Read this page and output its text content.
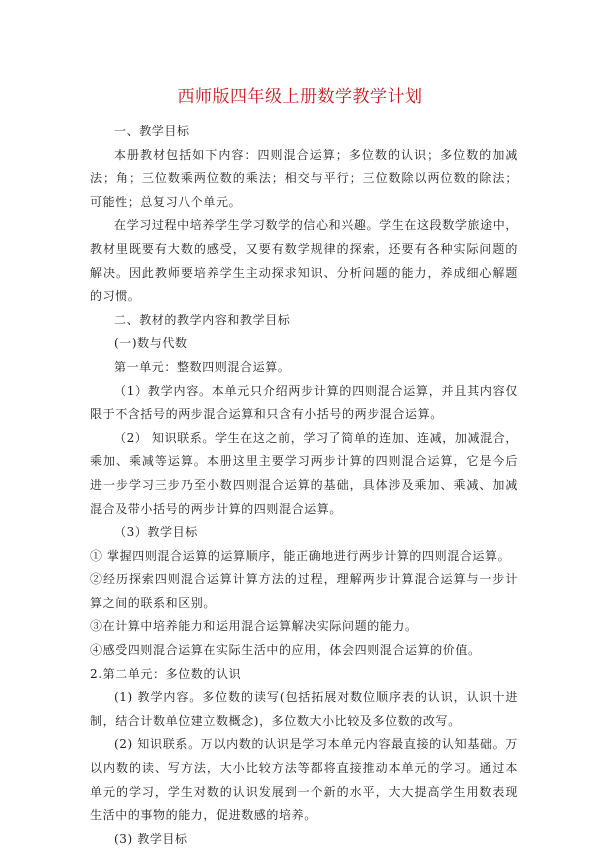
西师版四年级上册数学教学计划

一、教学目标

本册教材包括如下内容：四则混合运算；多位数的认识；多位数的加减法；角；三位数乘两位数的乘法；相交与平行；三位数除以两位数的除法；可能性；总复习八个单元。

在学习过程中培养学生学习数学的信心和兴趣。学生在这段数学旅途中，教材里既要有大数的感受，又要有数学规律的探索，还要有各种实际问题的解决。因此教师要培养学生主动探求知识、分析问题的能力，养成细心解题的习惯。

二、教材的教学内容和教学目标

(一)数与代数

第一单元：整数四则混合运算。

（1）教学内容。本单元只介绍两步计算的四则混合运算，并且其内容仅限于不含括号的两步混合运算和只含有小括号的两步混合运算。

（2） 知识联系。学生在这之前，学习了简单的连加、连减，加减混合，乘加、乘减等运算。本册这里主要学习两步计算的四则混合运算，它是今后进一步学习三步乃至小数四则混合运算的基础，具体涉及乘加、乘减、加减混合及带小括号的两步计算的四则混合运算。

（3）教学目标

① 掌握四则混合运算的运算顺序，能正确地进行两步计算的四则混合运算。

②经历探索四则混合运算计算方法的过程，理解两步计算混合运算与一步计算之间的联系和区别。

③在计算中培养能力和运用混合运算解决实际问题的能力。

④感受四则混合运算在实际生活中的应用，体会四则混合运算的价值。

2.第二单元：多位数的认识

(1) 教学内容。多位数的读写(包括拓展对数位顺序表的认识，认识十进制，结合计数单位建立数概念)，多位数大小比较及多位数的改写。

(2) 知识联系。万以内数的认识是学习本单元内容最直接的认知基础。万以内数的读、写方法，大小比较方法等都将直接推动本单元的学习。通过本单元的学习，学生对数的认识发展到一个新的水平，大大提高学生用数表现生活中的事物的能力，促进数感的培养。

(3) 教学目标
